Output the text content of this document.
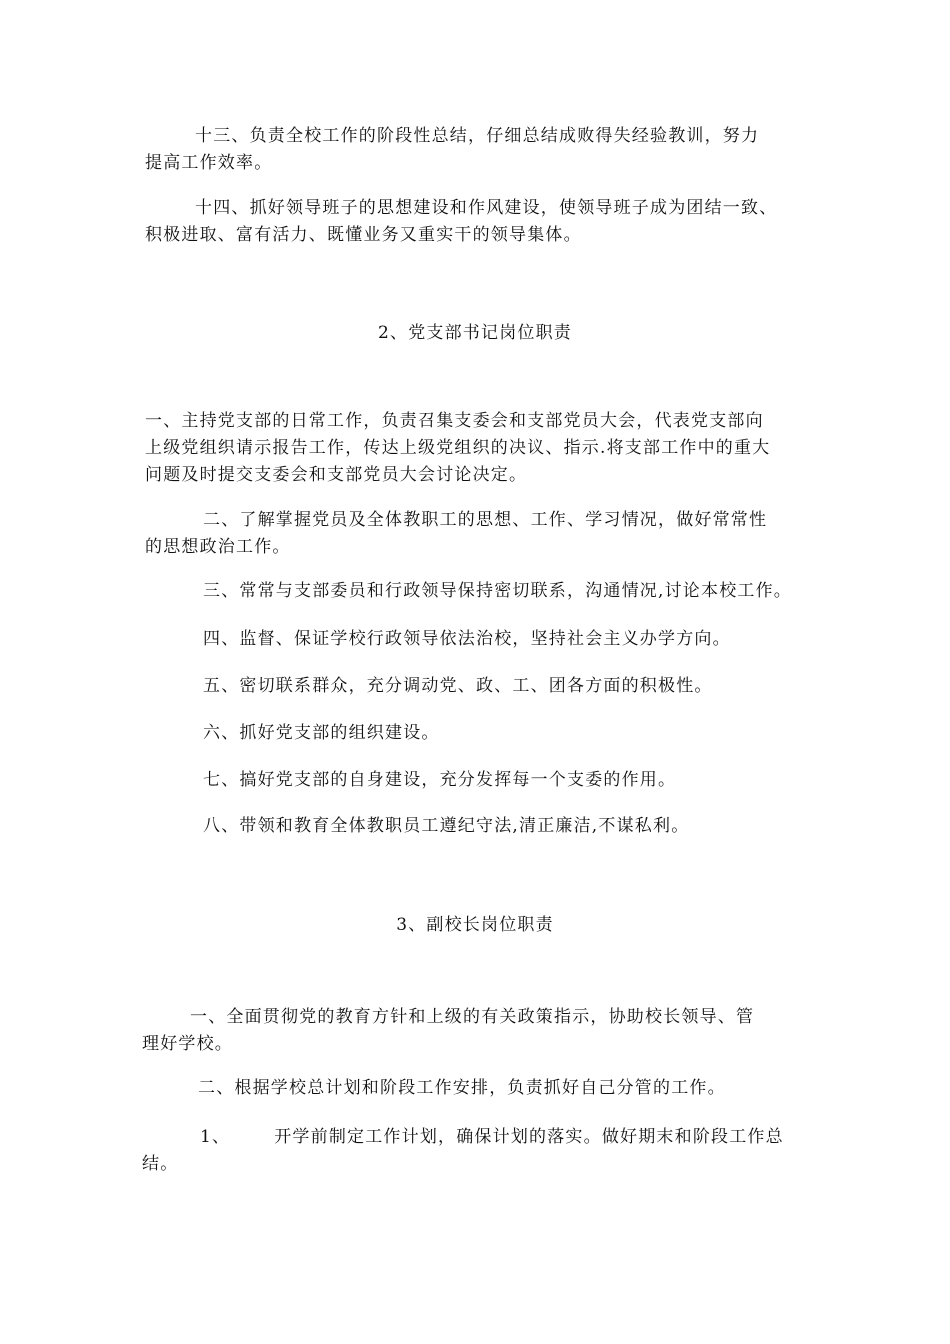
十三、负责全校工作的阶段性总结，仔细总结成败得失经验教训，努力
提高工作效率。
十四、抓好领导班子的思想建设和作风建设，使领导班子成为团结一致、
积极进取、富有活力、既懂业务又重实干的领导集体。
2、党支部书记岗位职责
一、主持党支部的日常工作，负责召集支委会和支部党员大会，代表党支部向
上级党组织请示报告工作，传达上级党组织的决议、指示.将支部工作中的重大
问题及时提交支委会和支部党员大会讨论决定。
二、了解掌握党员及全体教职工的思想、工作、学习情况，做好常常性
的思想政治工作。
三、常常与支部委员和行政领导保持密切联系，沟通情况,讨论本校工作。
四、监督、保证学校行政领导依法治校，坚持社会主义办学方向。
五、密切联系群众，充分调动党、政、工、团各方面的积极性。
六、抓好党支部的组织建设。
七、搞好党支部的自身建设，充分发挥每一个支委的作用。
八、带领和教育全体教职员工遵纪守法,清正廉洁,不谋私利。
3、副校长岗位职责
一、全面贯彻党的教育方针和上级的有关政策指示，协助校长领导、管
理好学校。
二、根据学校总计划和阶段工作安排，负责抓好自己分管的工作。
1、	开学前制定工作计划，确保计划的落实。做好期末和阶段工作总
结。
